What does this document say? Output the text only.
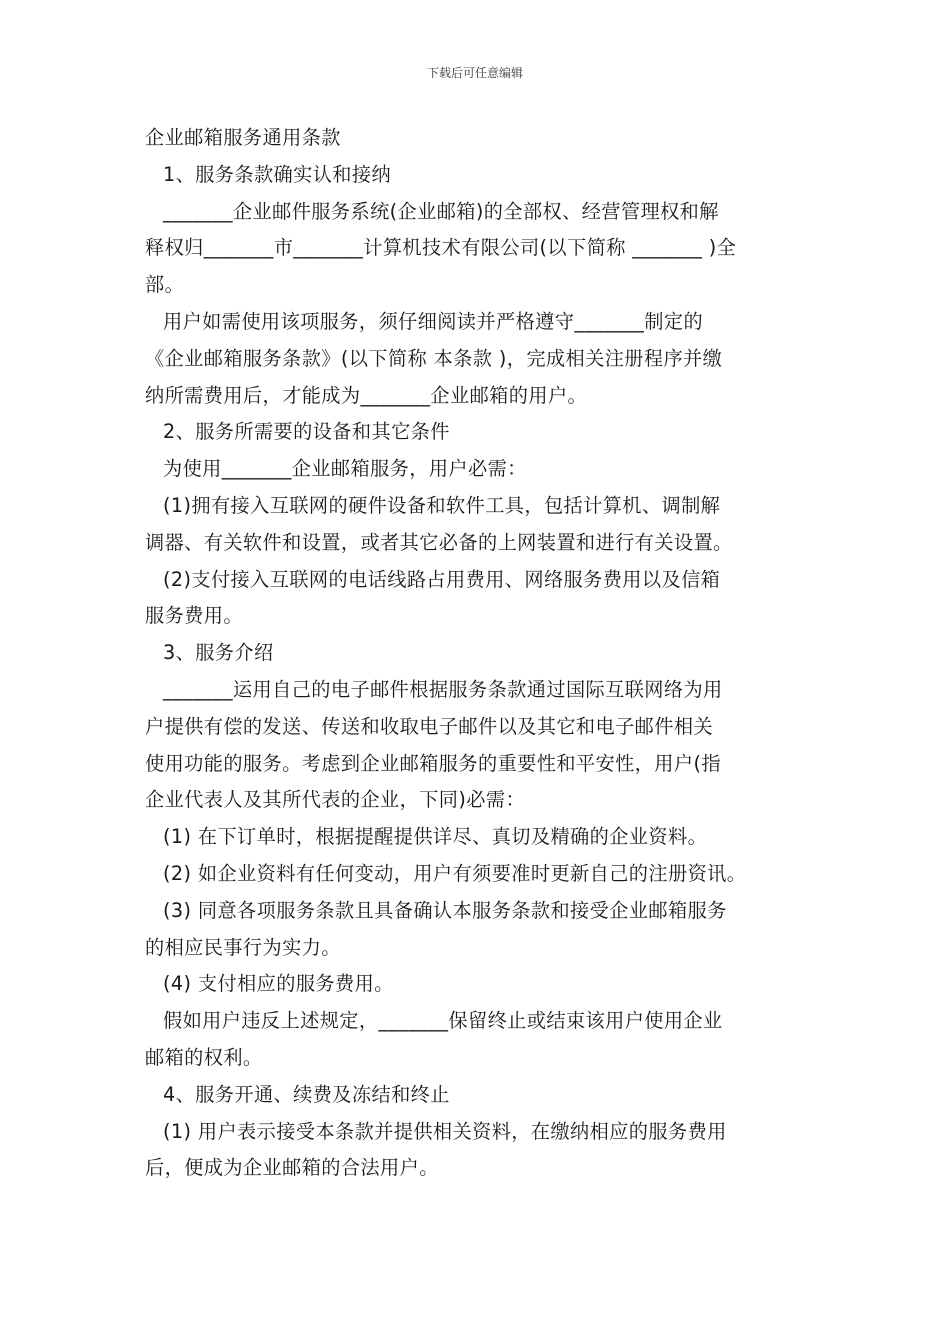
下载后可任意编辑
企业邮箱服务通用条款
1、服务条款确实认和接纳
_______企业邮件服务系统(企业邮箱)的全部权、经营管理权和解
释权归_______市_______计算机技术有限公司(以下简称 _______ )全
部。
用户如需使用该项服务，须仔细阅读并严格遵守_______制定的
《企业邮箱服务条款》(以下简称 本条款 )，完成相关注册程序并缴
纳所需费用后，才能成为_______企业邮箱的用户。
2、服务所需要的设备和其它条件
为使用_______企业邮箱服务，用户必需：
(1)拥有接入互联网的硬件设备和软件工具，包括计算机、调制解
调器、有关软件和设置，或者其它必备的上网装置和进行有关设置。
(2)支付接入互联网的电话线路占用费用、网络服务费用以及信箱
服务费用。
3、服务介绍
_______运用自己的电子邮件根据服务条款通过国际互联网络为用
户提供有偿的发送、传送和收取电子邮件以及其它和电子邮件相关
使用功能的服务。考虑到企业邮箱服务的重要性和平安性，用户(指
企业代表人及其所代表的企业，下同)必需：
(1) 在下订单时，根据提醒提供详尽、真切及精确的企业资料。
(2) 如企业资料有任何变动，用户有须要准时更新自己的注册资讯。
(3) 同意各项服务条款且具备确认本服务条款和接受企业邮箱服务
的相应民事行为实力。
(4) 支付相应的服务费用。
假如用户违反上述规定，_______保留终止或结束该用户使用企业
邮箱的权利。
4、服务开通、续费及冻结和终止
(1) 用户表示接受本条款并提供相关资料，在缴纳相应的服务费用
后，便成为企业邮箱的合法用户。
